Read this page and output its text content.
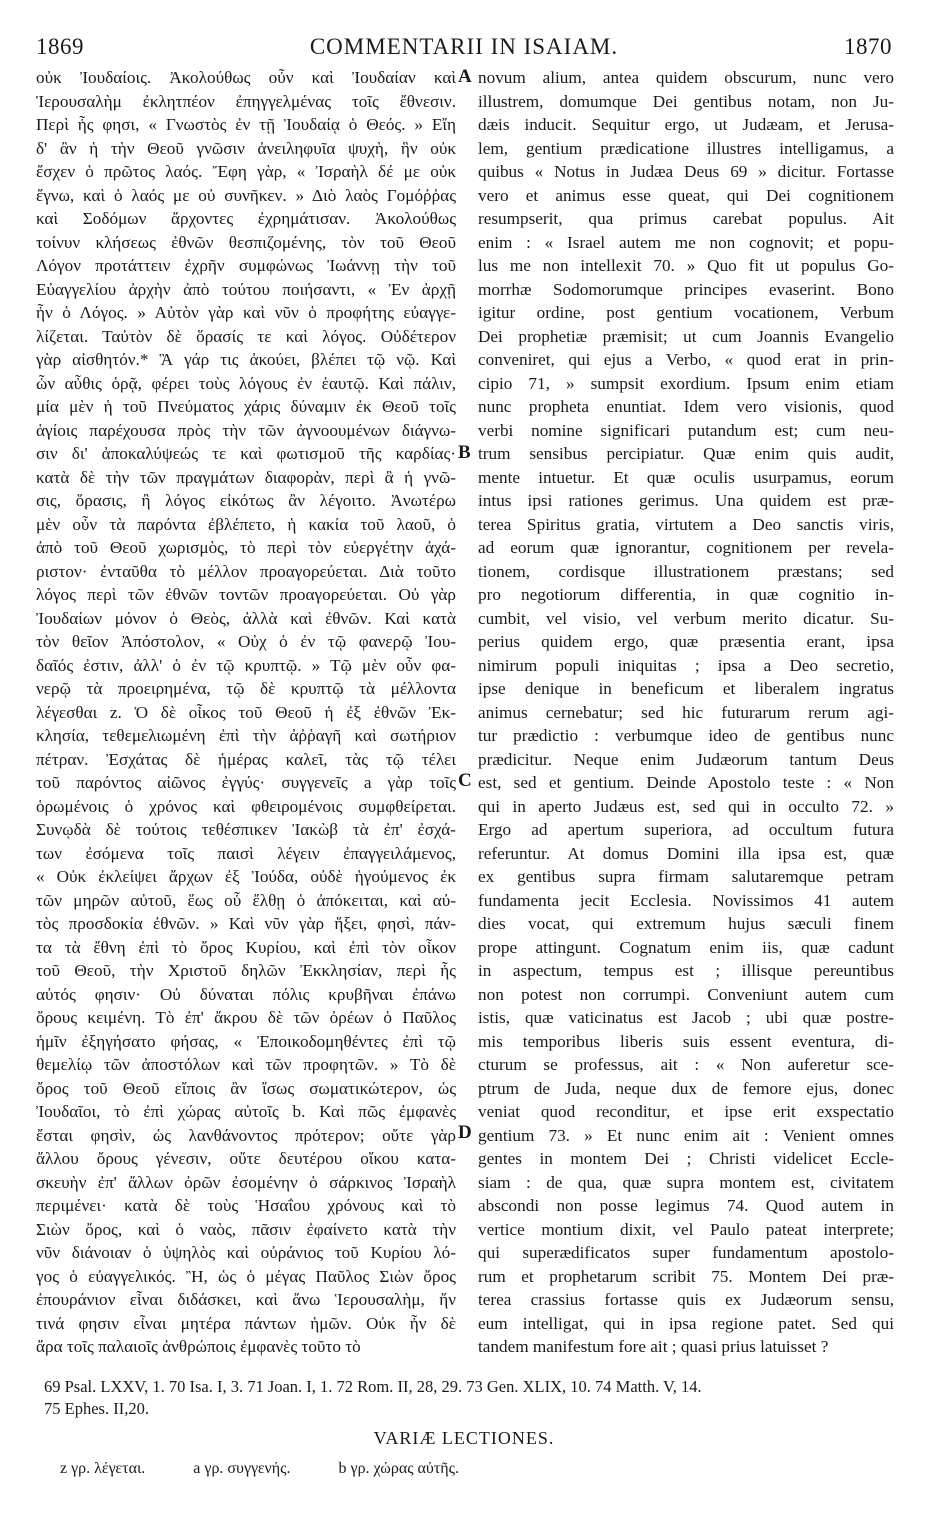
1869	COMMENTARII IN ISAIAM.	1870
οὐκ Ἰουδαίοις. Ἀκολούθως οὖν καὶ Ἰουδαίαν καὶ
Ἱερουσαλὴμ ἐκλητπέον ἐπηγγελμένας τοῖς ἔθνεσιν.
Περὶ ἧς φησι, « Γνωστὸς ἐν τῇ Ἰουδαίᾳ ὁ Θεός. » Εἴη
δ' ἂν ἡ τὴν Θεοῦ γνῶσιν ἀνειληφυῖα ψυχὴ, ἣν οὐκ
ἔσχεν ὁ πρῶτος λαός. Ἔφη γὰρ, « Ἰσραὴλ δέ με οὐκ
ἔγνω, καὶ ὁ λαός με οὐ συνῆκεν. » Διὸ λαὸς Γομόῤῥας
καὶ Σοδόμων ἄρχοντες ἐχρημάτισαν. Ἀκολούθως
τοίνυν κλήσεως ἐθνῶν θεσπιζομένης, τὸν τοῦ Θεοῦ
Λόγον προτάττειν ἐχρῆν συμφώνως Ἰωάννῃ τὴν τοῦ
Εὐαγγελίου ἀρχὴν ἀπὸ τούτου ποιήσαντι, « Ἐν ἀρχῇ
ἦν ὁ Λόγος. » Αὐτὸν γὰρ καὶ νῦν ὁ προφήτης εὐαγγε-
λίζεται. Ταὐτὸν δὲ ὅρασίς τε καὶ λόγος. Οὐδέτερον
γὰρ αἰσθητόν.* Ἃ γάρ τις ἀκούει, βλέπει τῷ νῷ. Καὶ
ὧν αὖθις ὁρᾷ, φέρει τοὺς λόγους ἐν ἑαυτῷ. Καὶ πάλιν,
μία μὲν ἡ τοῦ Πνεύματος χάρις δύναμιν ἐκ Θεοῦ τοῖς
ἁγίοις παρέχουσα πρὸς τὴν τῶν ἀγνοουμένων διάγνω-
σιν δι' ἀποκαλύψεώς τε καὶ φωτισμοῦ τῆς καρδίας·
κατὰ δὲ τὴν τῶν πραγμάτων διαφορὰν, περὶ ἃ ἡ γνῶ-
σις, ὅρασις, ἢ λόγος εἰκότως ἂν λέγοιτο. Ἀνωτέρω
μὲν οὖν τὰ παρόντα ἐβλέπετο, ἡ κακία τοῦ λαοῦ, ὁ
ἀπὸ τοῦ Θεοῦ χωρισμὸς, τὸ περὶ τὸν εὐεργέτην ἀχά-
ριστον· ἐνταῦθα τὸ μέλλον προαγορεύεται. Διὰ τοῦτο
λόγος περὶ τῶν ἐθνῶν τοντῶν προαγορεύεται. Οὐ γὰρ
Ἰουδαίων μόνον ὁ Θεὸς, ἀλλὰ καὶ ἐθνῶν. Καὶ κατὰ
τὸν θεῖον Ἀπόστολον, « Οὐχ ὁ ἐν τῷ φανερῷ Ἰου-
δαῖός ἐστιν, ἀλλ' ὁ ἐν τῷ κρυπτῷ. » Τῷ μὲν οὖν φα-
νερῷ τὰ προειρημένα, τῷ δὲ κρυπτῷ τὰ μέλλοντα
λέγεσθαι z. Ὁ δὲ οἶκος τοῦ Θεοῦ ἡ ἐξ ἐθνῶν Ἐκ-
κλησία, τεθεμελιωμένη ἐπὶ τὴν ἀῤῥαγῆ καὶ σωτήριον
πέτραν. Ἐσχάτας δὲ ἡμέρας καλεῖ, τὰς τῷ τέλει
τοῦ παρόντος αἰῶνος ἐγγύς· συγγενεῖς a γὰρ τοῖς
ὁρωμένοις ὁ χρόνος καὶ φθειρομένοις συμφθείρεται.
Συνῳδὰ δὲ τούτοις τεθέσπικεν Ἰακὼβ τὰ ἐπ' ἐσχά-
των ἐσόμενα τοῖς παισὶ λέγειν ἐπαγγειλάμενος,
« Οὐκ ἐκλείψει ἄρχων ἐξ Ἰούδα, οὐδὲ ἡγούμενος ἐκ
τῶν μηρῶν αὐτοῦ, ἕως οὗ ἔλθῃ ὁ ἀπόκειται, καὶ αὐ-
τὸς προσδοκία ἐθνῶν. » Καὶ νῦν γὰρ ἥξει, φησὶ, πάν-
τα τὰ ἔθνη ἐπὶ τὸ ὄρος Κυρίου, καὶ ἐπὶ τὸν οἶκον
τοῦ Θεοῦ, τὴν Χριστοῦ δηλῶν Ἐκκλησίαν, περὶ ἧς
αὐτός φησιν· Οὐ δύναται πόλις κρυβῆναι ἐπάνω
ὄρους κειμένη. Τὸ ἐπ' ἄκρου δὲ τῶν ὀρέων ὁ Παῦλος
ἡμῖν ἐξηγήσατο φήσας, « Ἐποικοδομηθέντες ἐπὶ τῷ
θεμελίῳ τῶν ἀποστόλων καὶ τῶν προφητῶν. » Τὸ δὲ
ὄρος τοῦ Θεοῦ εἴποις ἂν ἴσως σωματικώτερον, ὡς
Ἰουδαῖοι, τὸ ἐπὶ χώρας αὐτοῖς b. Καὶ πῶς ἐμφανὲς
ἔσται φησὶν, ὡς λανθάνοντος πρότερον; οὔτε γὰρ
ἄλλου ὄρους γένεσιν, οὔτε δευτέρου οἴκου κατα-
σκευὴν ἐπ' ἄλλων ὀρῶν ἐσομένην ὁ σάρκινος Ἰσραὴλ
περιμένει· κατὰ δὲ τοὺς Ἡσαΐου χρόνους καὶ τὸ
Σιὼν ὄρος, καὶ ὁ ναὸς, πᾶσιν ἐφαίνετο κατὰ τὴν
νῦν διάνοιαν ὁ ὑψηλὸς καὶ οὐράνιος τοῦ Κυρίου λό-
γος ὁ εὐαγγελικός. Ἢ, ὡς ὁ μέγας Παῦλος Σιὼν ὄρος
ἐπουράνιον εἶναι διδάσκει, καὶ ἄνω Ἱερουσαλὴμ, ἥν
τινά φησιν εἶναι μητέρα πάντων ἡμῶν. Οὐκ ἦν δὲ
ἄρα τοῖς παλαιοῖς ἀνθρώποις ἐμφανὲς τοῦτο τὸ
novum alium, antea quidem obscurum, nunc vero
illustrem, domumque Dei gentibus notam, non Ju-
dæis inducit. Sequitur ergo, ut Judæam, et Jerusa-
lem, gentium prædicatione illustres intelligamus, a
quibus « Notus in Judæa Deus 69 » dicitur. Fortasse
vero et animus esse queat, qui Dei cognitionem
resumpserit, qua primus carebat populus. Ait
enim : « Israel autem me non cognovit; et popu-
lus me non intellexit 70. » Quo fit ut populus Go-
morrhæ Sodomorumque principes evaserint. Bono
igitur ordine, post gentium vocationem, Verbum
Dei prophetiæ præmisit; ut cum Joannis Evangelio
conveniret, qui ejus a Verbo, « quod erat in prin-
cipio 71, » sumpsit exordium. Ipsum enim etiam
nunc propheta enuntiat. Idem vero visionis, quod
verbi nomine significari putandum est; cum neu-
trum sensibus percipiatur. Quæ enim quis audit,
mente intuetur. Et quæ oculis usurpamus, eorum
intus ipsi rationes gerimus. Una quidem est præ-
terea Spiritus gratia, virtutem a Deo sanctis viris,
ad eorum quæ ignorantur, cognitionem per revela-
tionem, cordisque illustrationem præstans; sed
pro negotiorum differentia, in quæ cognitio in-
cumbit, vel visio, vel verbum merito dicatur. Su-
perius quidem ergo, quæ præsentia erant, ipsa
nimirum populi iniquitas ; ipsa a Deo secretio,
ipse denique in beneficum et liberalem ingratus
animus cernebatur; sed hic futurarum rerum agi-
tur prædictio : verbumque ideo de gentibus nunc
prædicitur. Neque enim Judæorum tantum Deus
est, sed et gentium. Deinde Apostolo teste : « Non
qui in aperto Judæus est, sed qui in occulto 72. »
Ergo ad apertum superiora, ad occultum futura
referuntur. At domus Domini illa ipsa est, quæ
ex gentibus supra firmam salutaremque petram
fundamenta jecit Ecclesia. Novissimos 41 autem
dies vocat, qui extremum hujus sæculi finem
prope attingunt. Cognatum enim iis, quæ cadunt
in aspectum, tempus est ; illisque pereuntibus
non potest non corrumpi. Conveniunt autem cum
istis, quæ vaticinatus est Jacob ; ubi quæ postre-
mis temporibus liberis suis essent eventura, di-
cturum se professus, ait : « Non auferetur sce-
ptrum de Juda, neque dux de femore ejus, donec
veniat quod reconditur, et ipse erit exspectatio
gentium 73. » Et nunc enim ait : Venient omnes
gentes in montem Dei ; Christi videlicet Eccle-
siam : de qua, quæ supra montem est, civitatem
abscondi non posse legimus 74. Quod autem in
vertice montium dixit, vel Paulo pateat interprete;
qui superædificatos super fundamentum apostolo-
rum et prophetarum scribit 75. Montem Dei præ-
terea crassius fortasse quis ex Judæorum sensu,
eum intelligat, qui in ipsa regione patet. Sed qui
tandem manifestum fore ait ; quasi prius latuisset ?
A
B
C
D
69 Psal. LXXV, 1. 70 Isa. I, 3. 71 Joan. I, 1. 72 Rom. II, 28, 29. 73 Gen. XLIX, 10. 74 Matth. V, 14.
75 Ephes. II,20.
VARIÆ LECTIONES.
z γρ. λέγεται.	a γρ. συγγενής.	b γρ. χώρας αὐτῆς.
